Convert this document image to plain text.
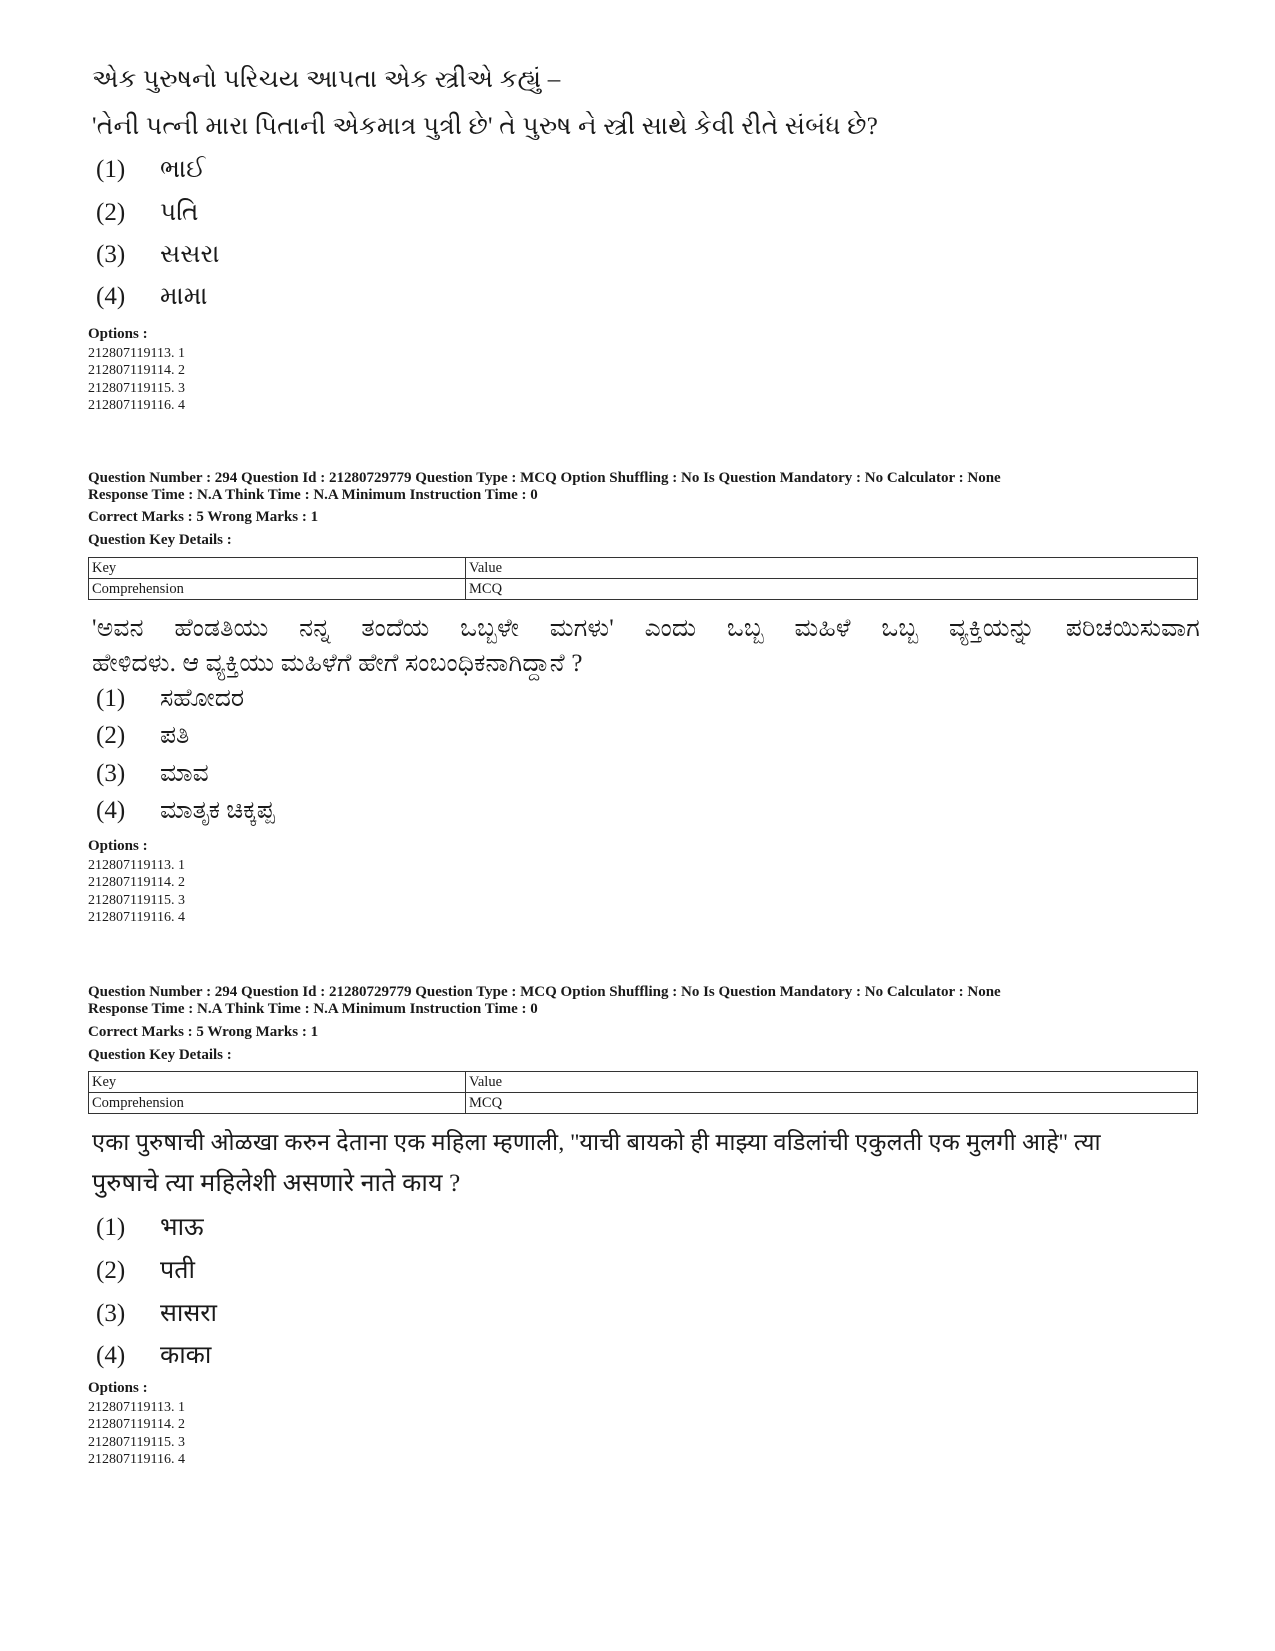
એક પુરુષનો પરિચય આપતા એક સ્ત્રીએ કહ્યું –
'તેની પત્ની મારા પિતાની એકમાત્ર પુત્રી છે' તે પુરુષ ને સ્ત્રી સાથે કેવી રીતે સંબંધ છે?
(1) ભાઈ
(2) પતિ
(3) સસરા
(4) મામા
Options :
212807119113. 1
212807119114. 2
212807119115. 3
212807119116. 4
Question Number : 294 Question Id : 21280729779 Question Type : MCQ Option Shuffling : No Is Question Mandatory : No Calculator : None
Response Time : N.A Think Time : N.A Minimum Instruction Time : 0
Correct Marks : 5 Wrong Marks : 1
Question Key Details :
Key	Value
Comprehension	MCQ
'ಅವನ ಹೆಂಡತಿಯು ನನ್ನ ತಂದೆಯ ಒಬ್ಬಳೇ ಮಗಳು' ಎಂದು ಒಬ್ಬ ಮಹಿಳೆ ಒಬ್ಬ ವ್ಯಕ್ತಿಯನ್ನು ಪರಿಚಯಿಸುವಾಗ
ಹೇಳಿದಳು. ಆ ವ್ಯಕ್ತಿಯು ಮಹಿಳೆಗೆ ಹೇಗೆ ಸಂಬಂಧಿಕನಾಗಿದ್ದಾನೆ ?
(1) ಸಹೋದರ
(2) ಪತಿ
(3) ಮಾವ
(4) ಮಾತೃಕ ಚಿಕ್ಕಪ್ಪ
Options :
212807119113. 1
212807119114. 2
212807119115. 3
212807119116. 4
Question Number : 294 Question Id : 21280729779 Question Type : MCQ Option Shuffling : No Is Question Mandatory : No Calculator : None
Response Time : N.A Think Time : N.A Minimum Instruction Time : 0
Correct Marks : 5 Wrong Marks : 1
Question Key Details :
Key	Value
Comprehension	MCQ
एका पुरुषाची ओळखा करुन देताना एक महिला म्हणाली, ''याची बायको ही माझ्या वडिलांची एकुलती एक मुलगी आहे'' त्या
पुरुषाचे त्या महिलेशी असणारे नाते काय ?
(1) भाऊ
(2) पती
(3) सासरा
(4) काका
Options :
212807119113. 1
212807119114. 2
212807119115. 3
212807119116. 4
